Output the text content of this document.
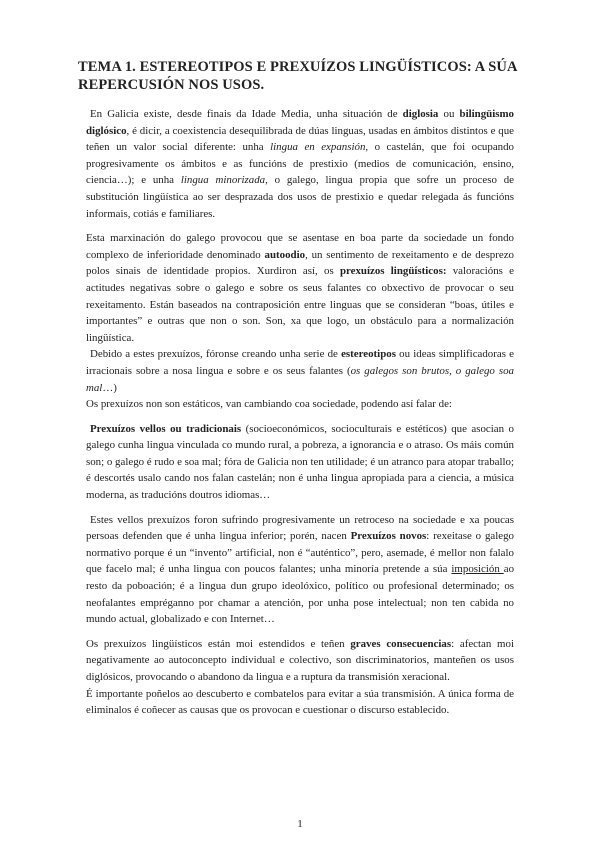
TEMA 1. ESTEREOTIPOS E PREXUÍZOS LINGÜÍSTICOS: A SÚA REPERCUSIÓN NOS USOS.

En Galicia existe, desde finais da Idade Media, unha situación de diglosia ou bilingüismo diglósico, é dicir, a coexistencia desequilibrada de dúas linguas, usadas en ámbitos distintos e que teñen un valor social diferente: unha lingua en expansión, o castelán, que foi ocupando progresivamente os ámbitos e as funcións de prestixio (medios de comunicación, ensino, ciencia…); e unha lingua minorizada, o galego, lingua propia que sofre un proceso de substitución lingüística ao ser desprazada dos usos de prestixio e quedar relegada ás funcións informais, cotiás e familiares.

Esta marxinación do galego provocou que se asentase en boa parte da sociedade un fondo complexo de inferioridade denominado autoodio, un sentimento de rexeitamento e de desprezo polos sinais de identidade propios. Xurdiron así, os prexuízos lingüísticos: valoracións e actitudes negativas sobre o galego e sobre os seus falantes co obxectivo de provocar o seu rexeitamento. Están baseados na contraposición entre linguas que se consideran “boas, útiles e importantes” e outras que non o son. Son, xa que logo, un obstáculo para a normalización lingüística.

Debido a estes prexuízos, fóronse creando unha serie de estereotipos ou ideas simplificadoras e irracionais sobre a nosa lingua e sobre e os seus falantes (os galegos son brutos, o galego soa mal…)

Os prexuízos non son estáticos, van cambiando coa sociedade, podendo así falar de:

Prexuízos vellos ou tradicionais (socioeconómicos, socioculturais e estéticos) que asocian o galego cunha lingua vinculada co mundo rural, a pobreza, a ignorancia e o atraso. Os máis común son; o galego é rudo e soa mal; fóra de Galicia non ten utilidade; é un atranco para atopar traballo; é descortés usalo cando nos falan castelán; non é unha lingua apropiada para a ciencia, a música moderna, as traducións doutros idiomas…

Estes vellos prexuízos foron sufrindo progresivamente un retroceso na sociedade e xa poucas persoas defenden que é unha lingua inferior; porén, nacen Prexuízos novos: rexeitase o galego normativo porque é un “invento” artificial, non é “auténtico”, pero, asemade, é mellor non falalo que facelo mal; é unha lingua con poucos falantes; unha minoría pretende a súa imposición ao resto da poboación; é a lingua dun grupo ideolóxico, político ou profesional determinado; os neofalantes empréganno por chamar a atención, por unha pose intelectual; non ten cabida no mundo actual, globalizado e con Internet…

Os prexuízos lingüísticos están moi estendidos e teñen graves consecuencias: afectan moi negativamente ao autoconcepto individual e colectivo, son discriminatorios, manteñen os usos diglósicos, provocando o abandono da lingua e a ruptura da transmisión xeracional.

É importante poñelos ao descuberto e combatelos para evitar a súa transmisión. A única forma de eliminalos é coñecer as causas que os provocan e cuestionar o discurso establecido.

1
